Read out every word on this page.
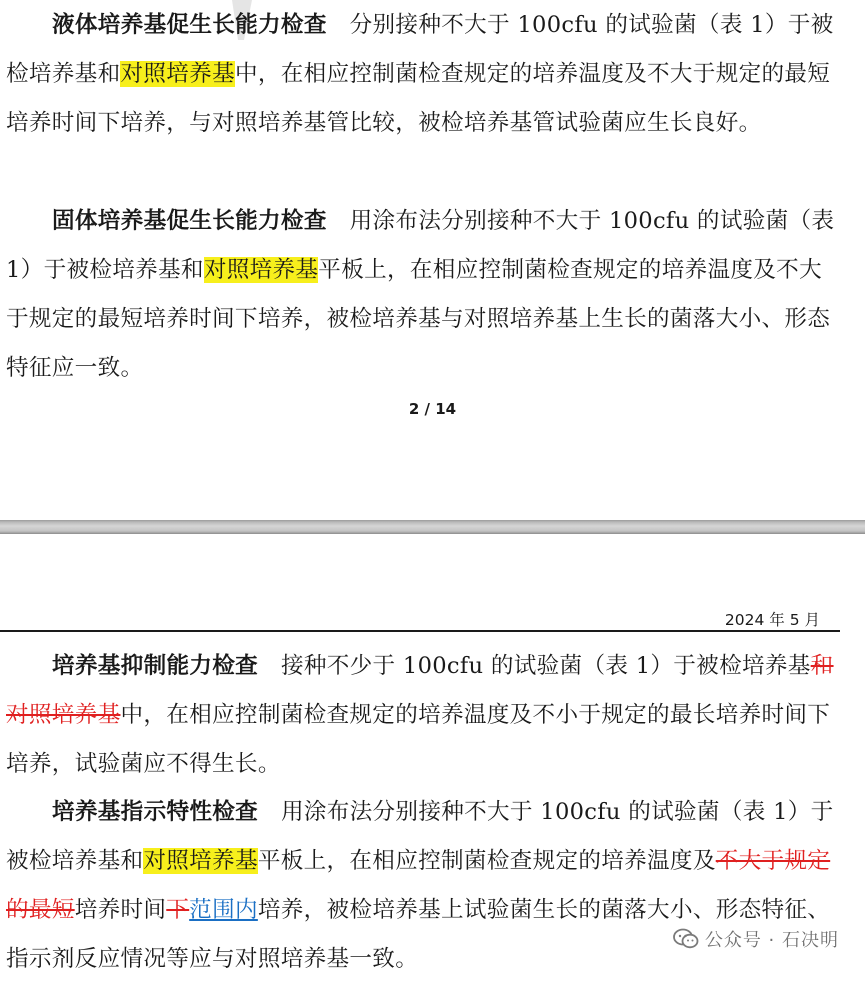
液体培养基促生长能力检查　 分别接种不大于 100cfu 的试验菌（表 1）于被检培养基和对照培养基中，在相应控制菌检查规定的培养温度及不大于规定的最短培养时间下培养，与对照培养基管比较，被检培养基管试验菌应生长良好。

固体培养基促生长能力检查　 用涂布法分别接种不大于 100cfu 的试验菌（表 1）于被检培养基和对照培养基平板上，在相应控制菌检查规定的培养温度及不大于规定的最短培养时间下培养，被检培养基与对照培养基上生长的菌落大小、形态特征应一致。

2 / 14
2024 年 5 月

培养基抑制能力检查　 接种不少于 100cfu 的试验菌（表 1）于被检培养基和对照培养基中，在相应控制菌检查规定的培养温度及不小于规定的最长培养时间下培养，试验菌应不得生长。

培养基指示特性检查　 用涂布法分别接种不大于 100cfu 的试验菌（表 1）于被检培养基和对照培养基平板上，在相应控制菌检查规定的培养温度及不大于规定的最短培养时间下范围内培养，被检培养基上试验菌生长的菌落大小、形态特征、指示剂反应情况等应与对照培养基一致。

公众号 · 石决明
